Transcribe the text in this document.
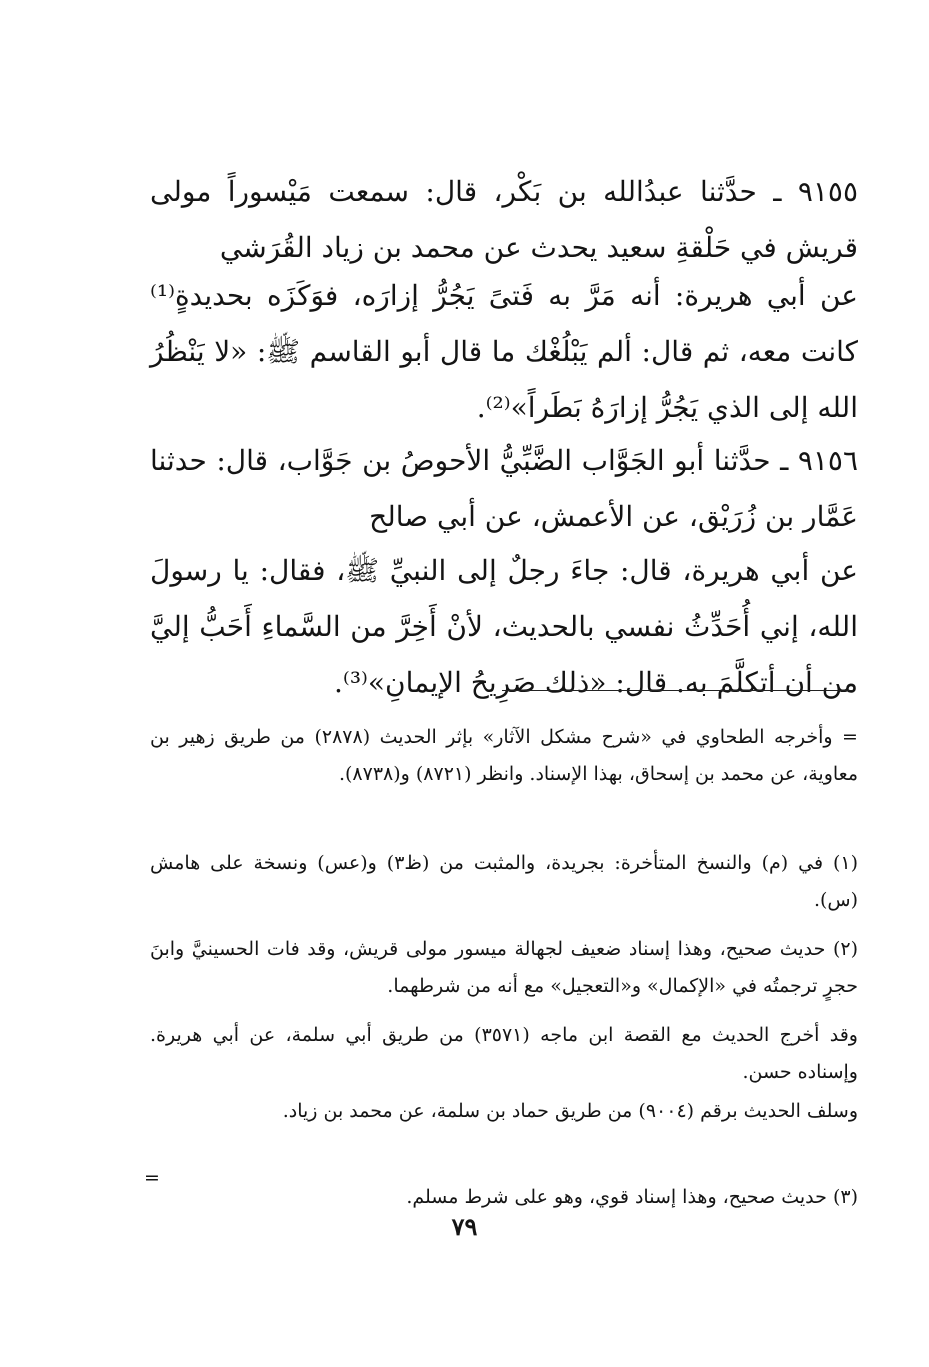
٩١٥٥ ـ حدَّثنا عبدُالله بن بَكْر، قال: سمعت مَيْسوراً مولى قريش في حَلْقةِ سعيد يحدث عن محمد بن زياد القُرَشي

عن أبي هريرة: أنه مَرَّ به فَتىً يَجُرُّ إزارَه، فوَكَزَه بحديدةٍ⁽¹⁾ كانت معه، ثم قال: ألم يَبْلُغْك ما قال أبو القاسم ﷺ: «لا يَنْظُرُ الله إلى الذي يَجُرُّ إزارَهُ بَطَراً»⁽²⁾.

٩١٥٦ ـ حدَّثنا أبو الجَوَّاب الضَّبِّيُّ الأحوصُ بن جَوَّاب، قال: حدثنا عَمَّار بن زُرَيْق، عن الأعمش، عن أبي صالح

عن أبي هريرة، قال: جاءَ رجلٌ إلى النبيِّ ﷺ، فقال: يا رسولَ الله، إني أُحَدِّثُ نفسي بالحديث، لأنْ أَخِرَّ من السَّماءِ أَحَبُّ إليَّ من أن أتكلَّمَ به. قال: «ذلك صَرِيحُ الإيمانِ»⁽³⁾.

= وأخرجه الطحاوي في «شرح مشكل الآثار» بإثر الحديث (٢٨٧٨) من طريق زهير بن معاوية، عن محمد بن إسحاق، بهذا الإسناد. وانظر (٨٧٢١) و(٨٧٣٨).

(١) في (م) والنسخ المتأخرة: بجريدة، والمثبت من (ظ٣) و(عس) ونسخة على هامش (س).

(٢) حديث صحيح، وهذا إسناد ضعيف لجهالة ميسور مولى قريش، وقد فات الحسينيَّ وابنَ حجرٍ ترجمتُه في «الإكمال» و«التعجيل» مع أنه من شرطهما.

وقد أخرج الحديث مع القصة ابن ماجه (٣٥٧١) من طريق أبي سلمة، عن أبي هريرة. وإسناده حسن.

وسلف الحديث برقم (٩٠٠٤) من طريق حماد بن سلمة، عن محمد بن زياد.

(٣) حديث صحيح، وهذا إسناد قوي، وهو على شرط مسلم.

=
٧٩
